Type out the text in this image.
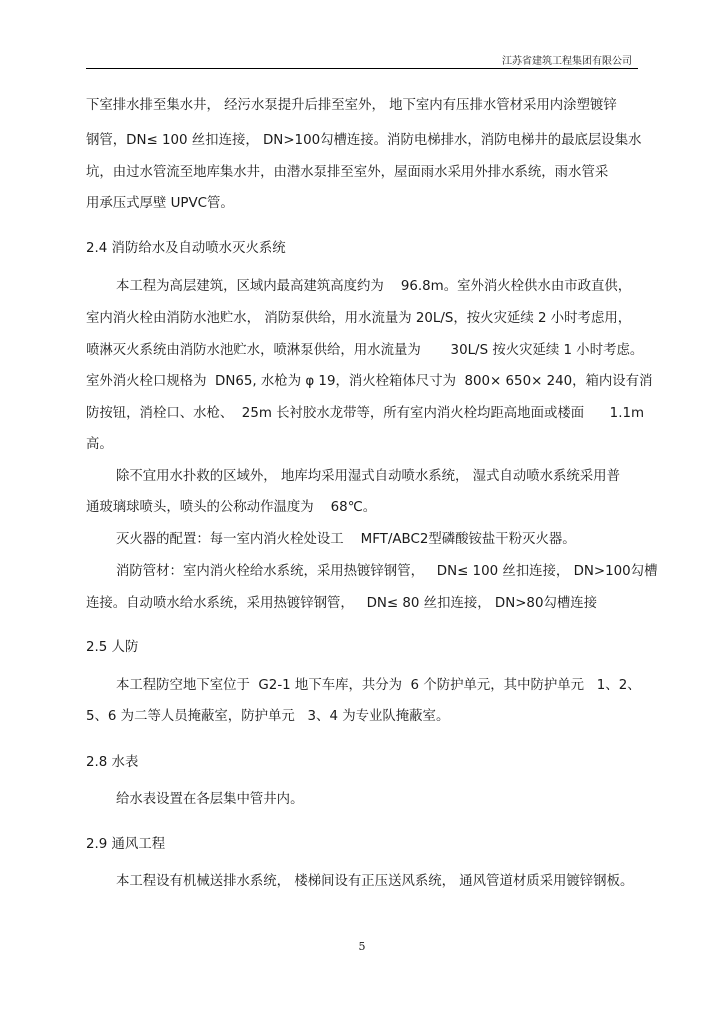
江苏省建筑工程集团有限公司
下室排水排至集水井， 经污水泵提升后排至室外， 地下室内有压排水管材采用内涂塑镀锌
钢管，DN≤ 100 丝扣连接， DN>100勾槽连接。消防电梯排水，消防电梯井的最底层设集水
坑，由过水管流至地库集水井，由潜水泵排至室外，屋面雨水采用外排水系统，雨水管采
用承压式厚壁 UPVC管。
2.4 消防给水及自动喷水灭火系统
本工程为高层建筑，区域内最高建筑高度约为    96.8m。室外消火栓供水由市政直供，
室内消火栓由消防水池贮水， 消防泵供给，用水流量为 20L/S，按火灾延续 2 小时考虑用，
喷淋灭火系统由消防水池贮水，喷淋泵供给，用水流量为       30L/S 按火灾延续 1 小时考虑。
室外消火栓口规格为  DN65, 水枪为 φ 19，消火栓箱体尺寸为  800× 650× 240，箱内设有消
防按钮，消栓口、水枪、  25m 长衬胶水龙带等，所有室内消火栓均距高地面或楼面      1.1m
高。
除不宜用水扑救的区域外， 地库均采用湿式自动喷水系统， 湿式自动喷水系统采用普
通玻璃球喷头，喷头的公称动作温度为    68℃。
灭火器的配置：每一室内消火栓处设工    MFT/ABC2型磷酸铵盐干粉灭火器。
消防管材：室内消火栓给水系统，采用热镀锌钢管，   DN≤ 100 丝扣连接， DN>100勾槽
连接。自动喷水给水系统，采用热镀锌钢管，   DN≤ 80 丝扣连接， DN>80勾槽连接
2.5 人防
本工程防空地下室位于  G2-1 地下车库，共分为  6 个防护单元，其中防护单元   1、2、
5、6 为二等人员掩蔽室，防护单元   3、4 为专业队掩蔽室。
2.8 水表
给水表设置在各层集中管井内。
2.9 通风工程
本工程设有机械送排水系统， 楼梯间设有正压送风系统， 通风管道材质采用镀锌钢板。
5
